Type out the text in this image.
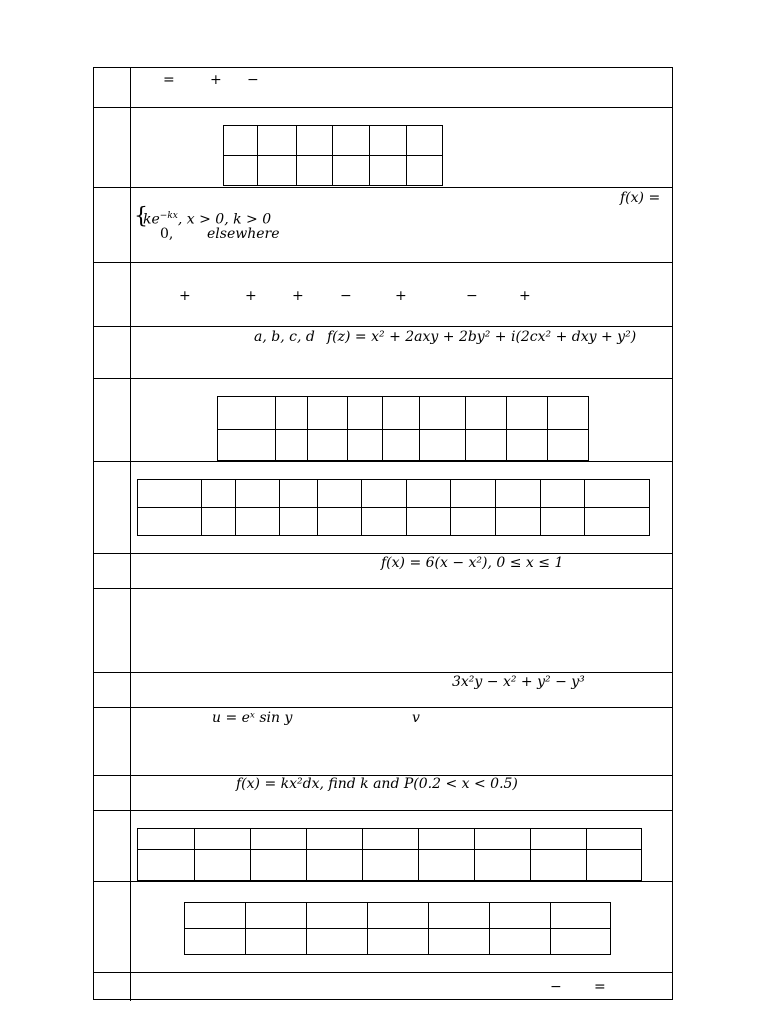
=	+ −

f(x) =
{
$ke^{-kx}$, x > 0, k > 0
0, elsewhere
+	+	+	−	+	−	+
a, b, c, d f(z) = x² + 2axy + 2by² + i(2cx² + dxy + y²)

f(x) = 6(x − x²), 0 ≤ x ≤ 1
3x²y − x² + y² − y³
u = eˣ sin y	v
f(x) = kx²dx, find k and P(0.2 < x < 0.5)

− =
